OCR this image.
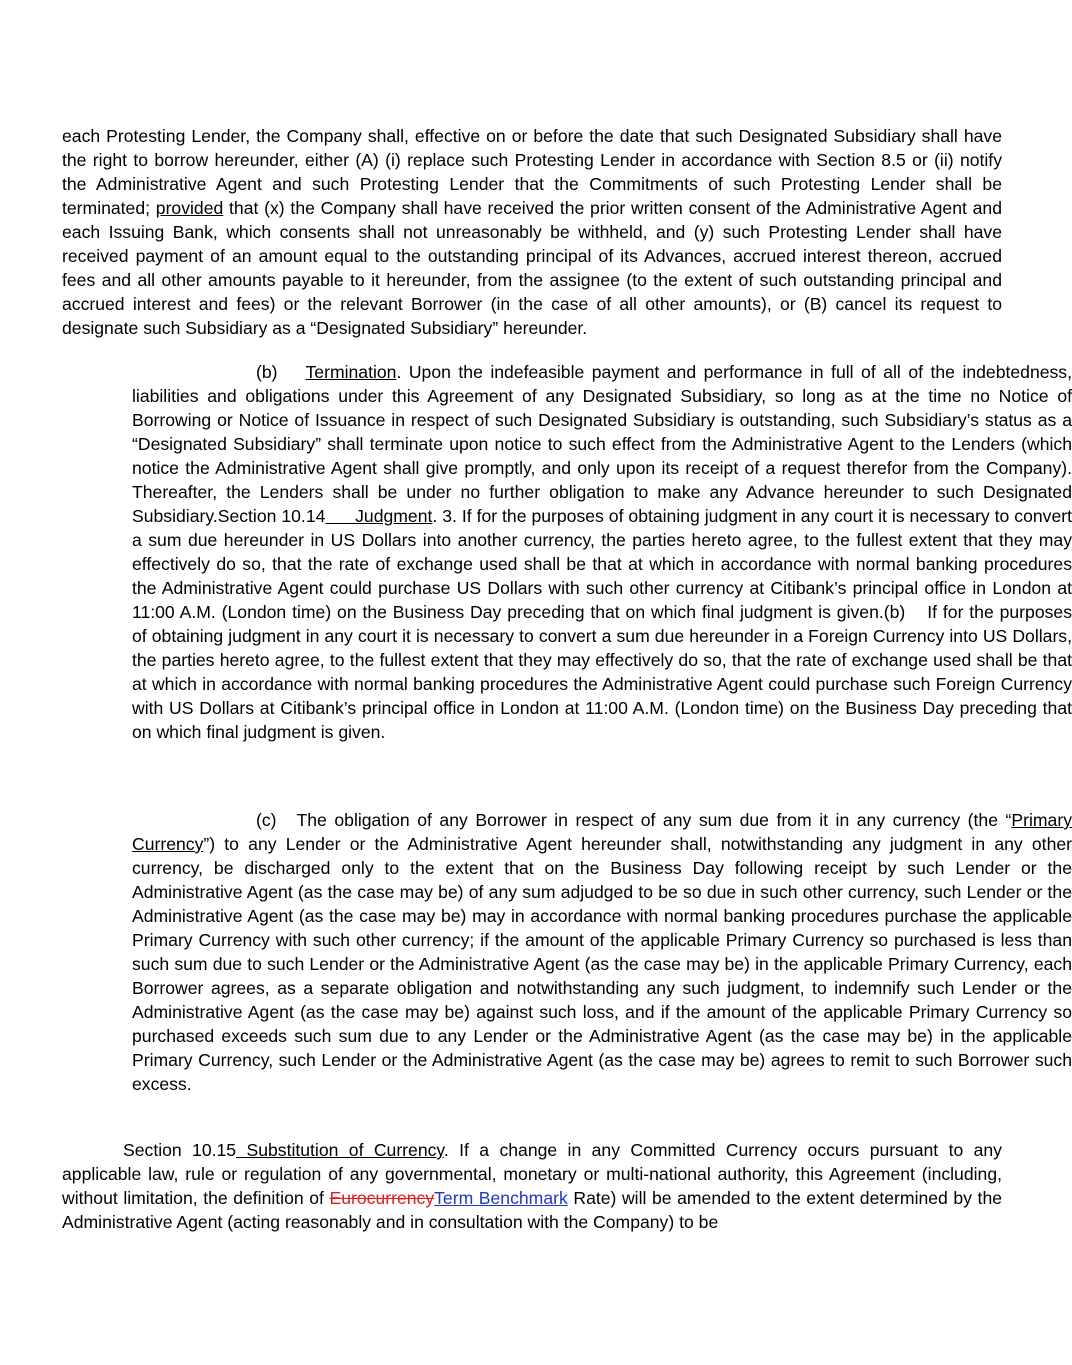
each Protesting Lender, the Company shall, effective on or before the date that such Designated Subsidiary shall have the right to borrow hereunder, either (A) (i) replace such Protesting Lender in accordance with Section 8.5 or (ii) notify the Administrative Agent and such Protesting Lender that the Commitments of such Protesting Lender shall be terminated; provided that (x) the Company shall have received the prior written consent of the Administrative Agent and each Issuing Bank, which consents shall not unreasonably be withheld, and (y) such Protesting Lender shall have received payment of an amount equal to the outstanding principal of its Advances, accrued interest thereon, accrued fees and all other amounts payable to it hereunder, from the assignee (to the extent of such outstanding principal and accrued interest and fees) or the relevant Borrower (in the case of all other amounts), or (B) cancel its request to designate such Subsidiary as a “Designated Subsidiary” hereunder.

(b) Termination. Upon the indefeasible payment and performance in full of all of the indebtedness, liabilities and obligations under this Agreement of any Designated Subsidiary, so long as at the time no Notice of Borrowing or Notice of Issuance in respect of such Designated Subsidiary is outstanding, such Subsidiary’s status as a “Designated Subsidiary” shall terminate upon notice to such effect from the Administrative Agent to the Lenders (which notice the Administrative Agent shall give promptly, and only upon its receipt of a request therefor from the Company). Thereafter, the Lenders shall be under no further obligation to make any Advance hereunder to such Designated Subsidiary.Section 10.14 Judgment. 3. If for the purposes of obtaining judgment in any court it is necessary to convert a sum due hereunder in US Dollars into another currency, the parties hereto agree, to the fullest extent that they may effectively do so, that the rate of exchange used shall be that at which in accordance with normal banking procedures the Administrative Agent could purchase US Dollars with such other currency at Citibank’s principal office in London at 11:00 A.M. (London time) on the Business Day preceding that on which final judgment is given.(b) If for the purposes of obtaining judgment in any court it is necessary to convert a sum due hereunder in a Foreign Currency into US Dollars, the parties hereto agree, to the fullest extent that they may effectively do so, that the rate of exchange used shall be that at which in accordance with normal banking procedures the Administrative Agent could purchase such Foreign Currency with US Dollars at Citibank’s principal office in London at 11:00 A.M. (London time) on the Business Day preceding that on which final judgment is given.

(c) The obligation of any Borrower in respect of any sum due from it in any currency (the “Primary Currency”) to any Lender or the Administrative Agent hereunder shall, notwithstanding any judgment in any other currency, be discharged only to the extent that on the Business Day following receipt by such Lender or the Administrative Agent (as the case may be) of any sum adjudged to be so due in such other currency, such Lender or the Administrative Agent (as the case may be) may in accordance with normal banking procedures purchase the applicable Primary Currency with such other currency; if the amount of the applicable Primary Currency so purchased is less than such sum due to such Lender or the Administrative Agent (as the case may be) in the applicable Primary Currency, each Borrower agrees, as a separate obligation and notwithstanding any such judgment, to indemnify such Lender or the Administrative Agent (as the case may be) against such loss, and if the amount of the applicable Primary Currency so purchased exceeds such sum due to any Lender or the Administrative Agent (as the case may be) in the applicable Primary Currency, such Lender or the Administrative Agent (as the case may be) agrees to remit to such Borrower such excess.

Section 10.15 Substitution of Currency. If a change in any Committed Currency occurs pursuant to any applicable law, rule or regulation of any governmental, monetary or multi-national authority, this Agreement (including, without limitation, the definition of EurocurrencyTerm Benchmark Rate) will be amended to the extent determined by the Administrative Agent (acting reasonably and in consultation with the Company) to be
